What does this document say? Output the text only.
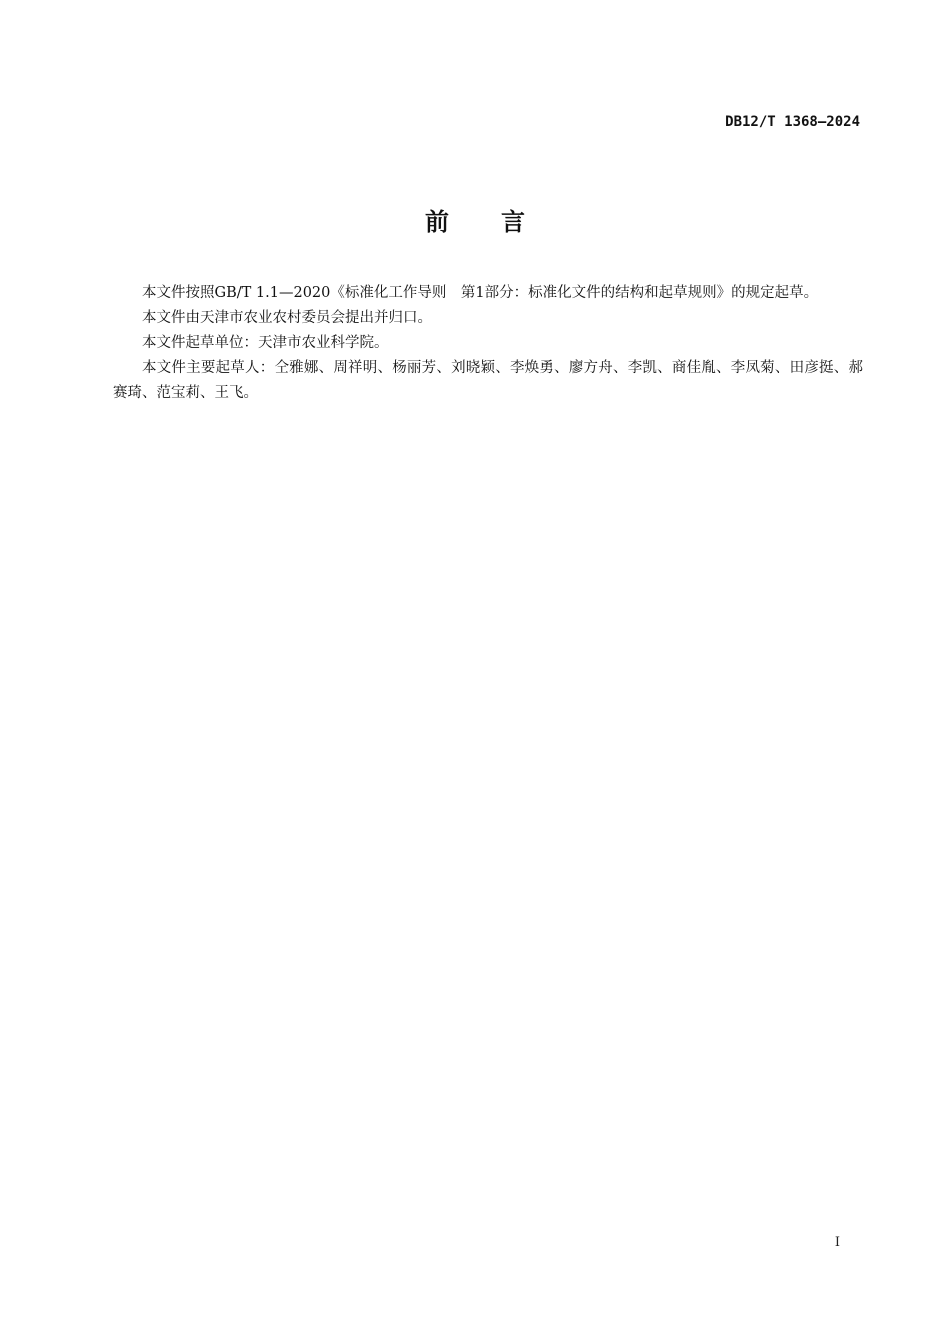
DB12/T 1368—2024
前 言

本文件按照GB/T 1.1—2020《标准化工作导则　第1部分：标准化文件的结构和起草规则》的规定起草。

本文件由天津市农业农村委员会提出并归口。

本文件起草单位：天津市农业科学院。

本文件主要起草人：仝雅娜、周祥明、杨丽芳、刘晓颖、李焕勇、廖方舟、李凯、商佳胤、李凤菊、田彦挺、郝赛琦、范宝莉、王飞。

I
